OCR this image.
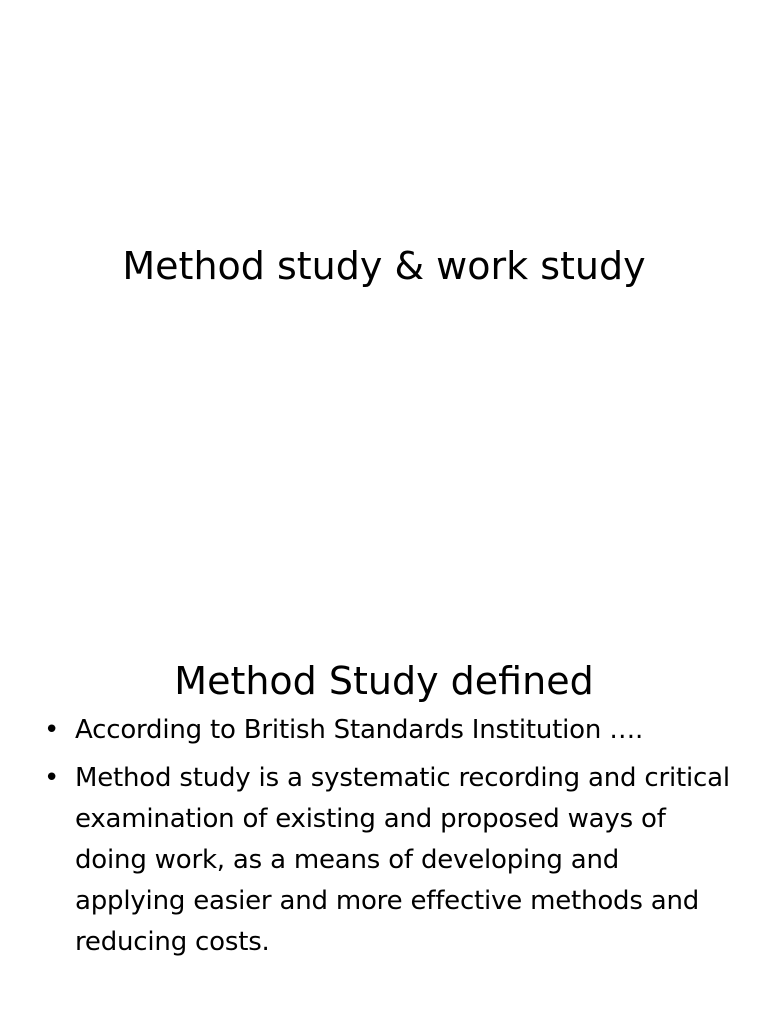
Method study & work study
Method Study defined
• According to British Standards Institution ….
• Method study is a systematic recording and critical examination of existing and proposed ways of doing work, as a means of developing and applying easier and more effective methods and reducing costs.
